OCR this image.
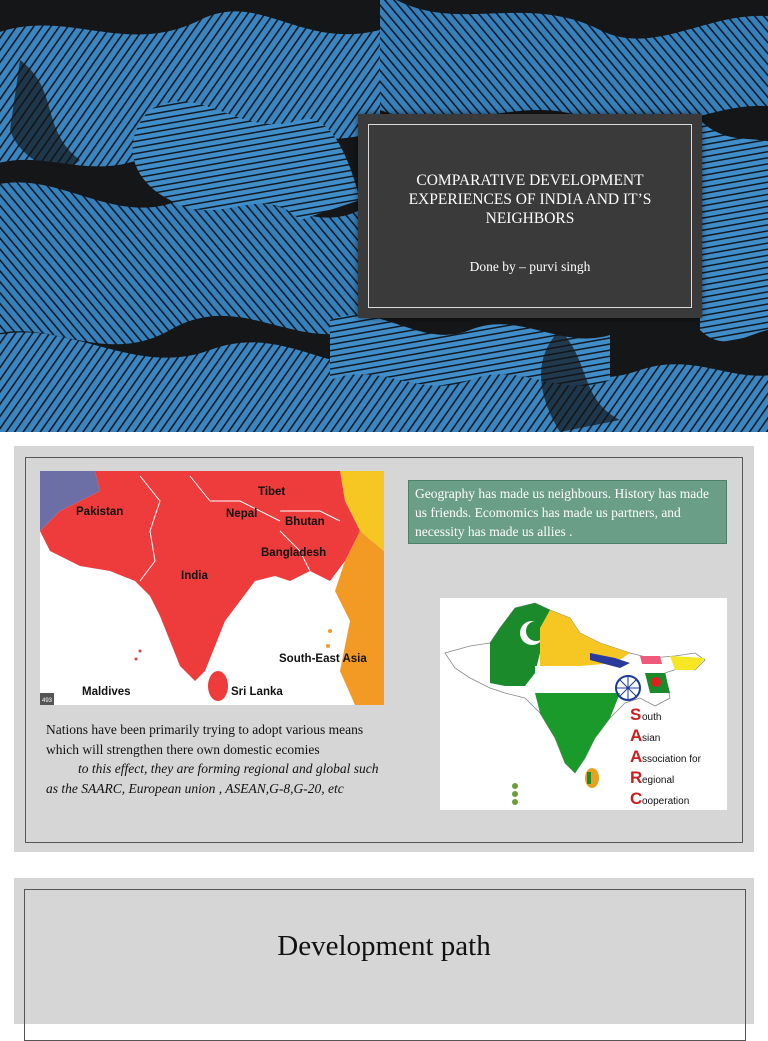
COMPARATIVE DEVELOPMENT EXPERIENCES OF INDIA AND IT’S NEIGHBORS
Done by – purvi singh
Pakistan
India
Tibet
Nepal
Bhutan
Bangladesh
South-East Asia
Maldives	Sri Lanka
493
Geography has made us neighbours. History has made us friends. Ecomomics has made us partners, and necessity has made us allies .
S outh
A sian
A ssociation for
R egional
C ooperation
Nations have been primarily trying to adopt various means which will strengthen there own domestic ecomies
to this effect, they are forming regional and global such as the SAARC, European union , ASEAN,G-8,G-20, etc
Development path
